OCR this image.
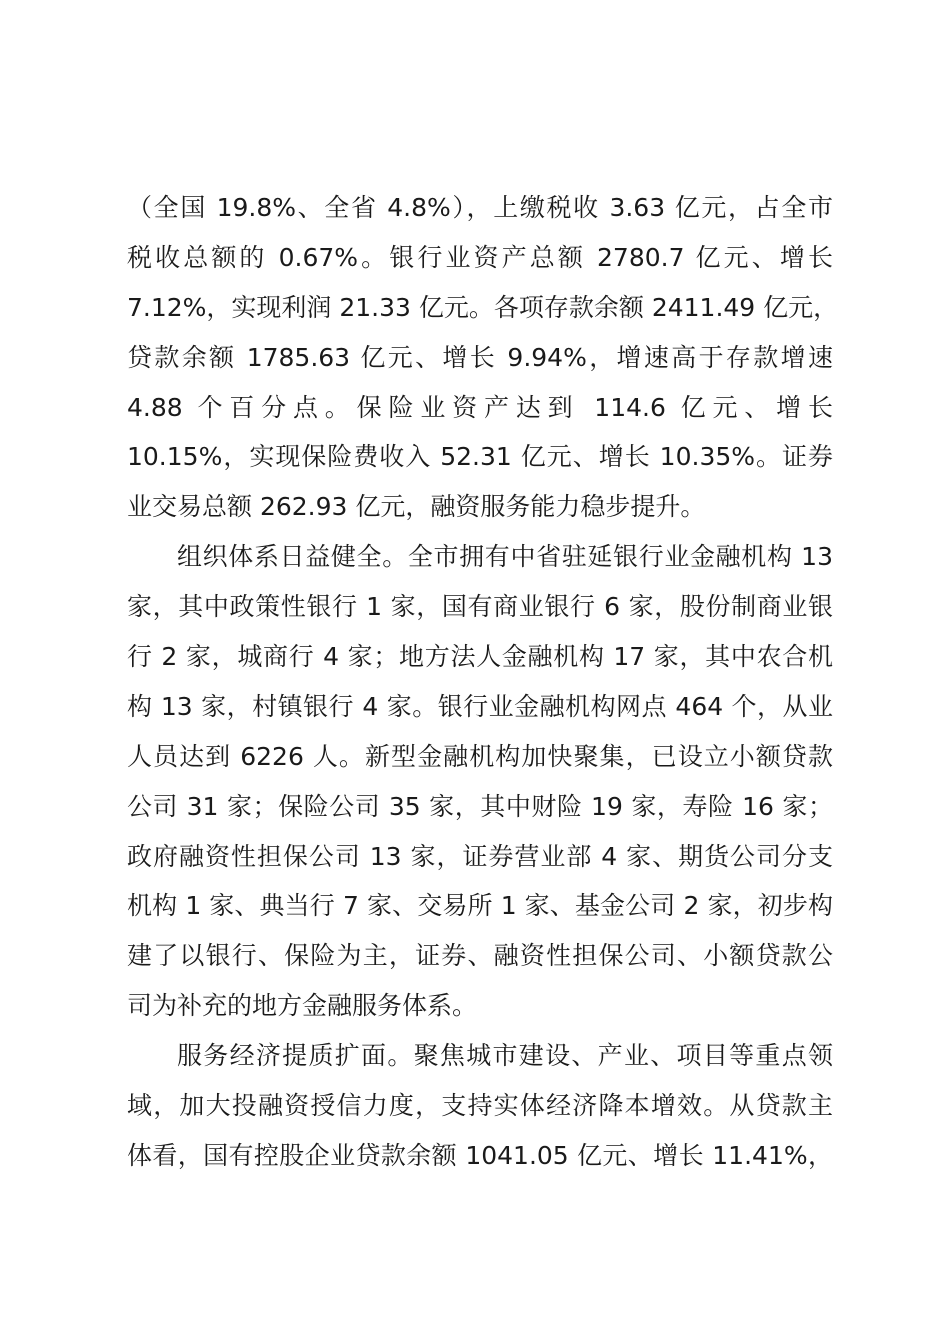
（全国 19.8%、全省 4.8%），上缴税收 3.63 亿元，占全市
税收总额的 0.67%。银行业资产总额 2780.7 亿元、增长
7.12%，实现利润 21.33 亿元。各项存款余额 2411.49 亿元，
贷款余额 1785.63 亿元、增长 9.94%，增速高于存款增速
4.88 个百分点。保险业资产达到 114.6 亿元、增长
10.15%，实现保险费收入 52.31 亿元、增长 10.35%。证券
业交易总额 262.93 亿元，融资服务能力稳步提升。
组织体系日益健全。全市拥有中省驻延银行业金融机构 13
家，其中政策性银行 1 家，国有商业银行 6 家，股份制商业银
行 2 家，城商行 4 家；地方法人金融机构 17 家，其中农合机
构 13 家，村镇银行 4 家。银行业金融机构网点 464 个，从业
人员达到 6226 人。新型金融机构加快聚集，已设立小额贷款
公司 31 家；保险公司 35 家，其中财险 19 家，寿险 16 家；
政府融资性担保公司 13 家，证券营业部 4 家、期货公司分支
机构 1 家、典当行 7 家、交易所 1 家、基金公司 2 家，初步构
建了以银行、保险为主，证券、融资性担保公司、小额贷款公
司为补充的地方金融服务体系。
服务经济提质扩面。聚焦城市建设、产业、项目等重点领
域，加大投融资授信力度，支持实体经济降本增效。从贷款主
体看，国有控股企业贷款余额 1041.05 亿元、增长 11.41%，
